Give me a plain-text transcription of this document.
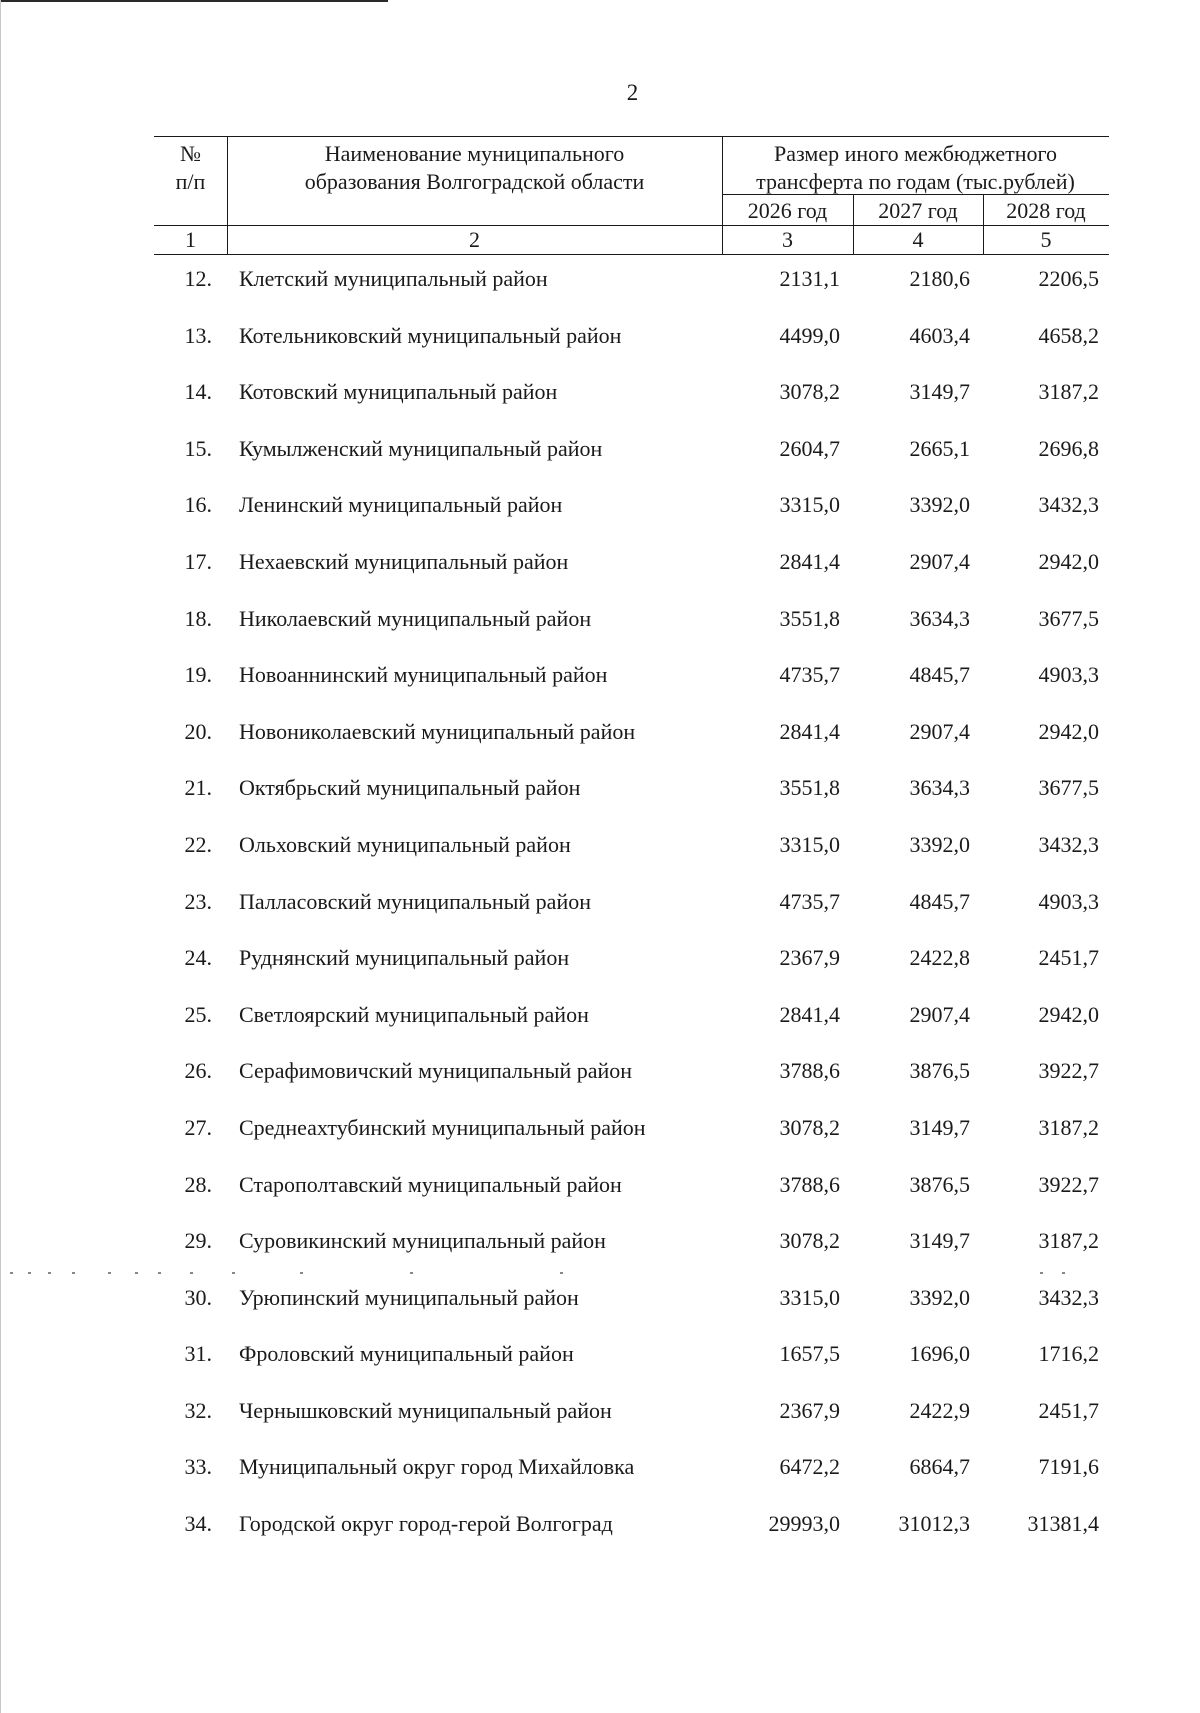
2
№
п/п
Наименование муниципального
образования Волгоградской области
Размер иного межбюджетного
трансферта по годам (тыс.рублей)
2026 год	2027 год	2028 год
1	2	3	4	5
12. Клетский муниципальный район	2131,1	2180,6	2206,5
13. Котельниковский муниципальный район	4499,0	4603,4	4658,2
14. Котовский муниципальный район	3078,2	3149,7	3187,2
15. Кумылженский муниципальный район	2604,7	2665,1	2696,8
16. Ленинский муниципальный район	3315,0	3392,0	3432,3
17. Нехаевский муниципальный район	2841,4	2907,4	2942,0
18. Николаевский муниципальный район	3551,8	3634,3	3677,5
19. Новоаннинский муниципальный район	4735,7	4845,7	4903,3
20. Новониколаевский муниципальный район	2841,4	2907,4	2942,0
21. Октябрьский муниципальный район	3551,8	3634,3	3677,5
22. Ольховский муниципальный район	3315,0	3392,0	3432,3
23. Палласовский муниципальный район	4735,7	4845,7	4903,3
24. Руднянский муниципальный район	2367,9	2422,8	2451,7
25. Светлоярский муниципальный район	2841,4	2907,4	2942,0
26. Серафимовичский муниципальный район	3788,6	3876,5	3922,7
27. Среднеахтубинский муниципальный район	3078,2	3149,7	3187,2
28. Старополтавский муниципальный район	3788,6	3876,5	3922,7
29. Суровикинский муниципальный район	3078,2	3149,7	3187,2
30. Урюпинский муниципальный район	3315,0	3392,0	3432,3
31. Фроловский муниципальный район	1657,5	1696,0	1716,2
32. Чернышковский муниципальный район	2367,9	2422,9	2451,7
33. Муниципальный округ город Михайловка	6472,2	6864,7	7191,6
34. Городской округ город-герой Волгоград	29993,0	31012,3	31381,4
